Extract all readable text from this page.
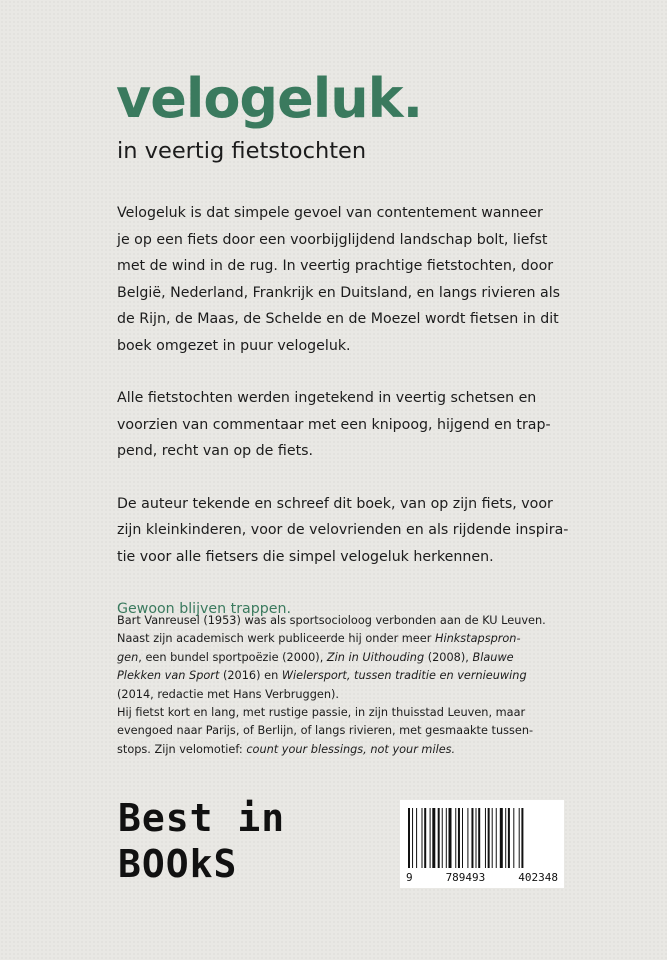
velogeluk.
in veertig fietstochten

Velogeluk is dat simpele gevoel van contentement wanneer
je op een fiets door een voorbijglijdend landschap bolt, liefst
met de wind in de rug. In veertig prachtige fietstochten, door
België, Nederland, Frankrijk en Duitsland, en langs rivieren als
de Rijn, de Maas, de Schelde en de Moezel wordt fietsen in dit
boek omgezet in puur velogeluk.

Alle fietstochten werden ingetekend in veertig schetsen en
voorzien van commentaar met een knipoog, hijgend en trap-
pend, recht van op de fiets.

De auteur tekende en schreef dit boek, van op zijn fiets, voor
zijn kleinkinderen, voor de velovrienden en als rijdende inspira-
tie voor alle fietsers die simpel velogeluk herkennen.

Gewoon blijven trappen.

Bart Vanreusel (1953) was als sportsocioloog verbonden aan de KU Leuven.
Naast zijn academisch werk publiceerde hij onder meer Hinkstapspron-
gen, een bundel sportpoëzie (2000), Zin in Uithouding (2008), Blauwe
Plekken van Sport (2016) en Wielersport, tussen traditie en vernieuwing
(2014, redactie met Hans Verbruggen).
Hij fietst kort en lang, met rustige passie, in zijn thuisstad Leuven, maar
evengoed naar Parijs, of Berlijn, of langs rivieren, met gesmaakte tussen-
stops. Zijn velomotief: count your blessings, not your miles.

Best in
BOOkS	9	789493	402348
